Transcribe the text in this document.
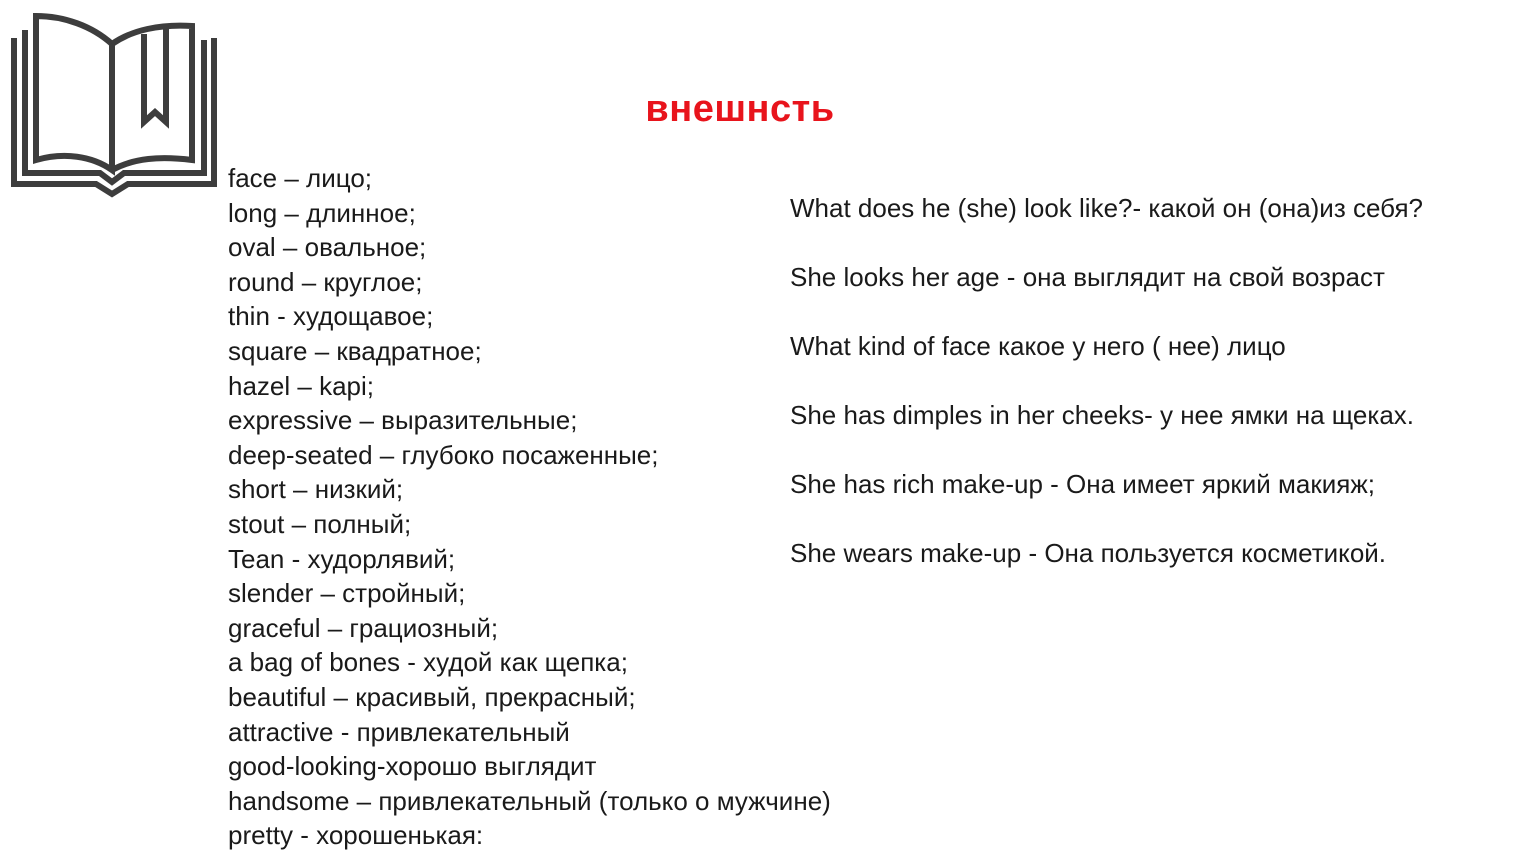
внешнсть
face – лицо;
long – длинное;
oval – овальное;
round – круглое;
thin - худощавое;
square – квадратное;
hazel – kapi;
expressive – выразительные;
deep-seated – глубоко посаженные;
short – низкий;
stout – полный;
Tean - худорлявий;
slender – стройный;
graceful – грациозный;
a bag of bones - худой как щепка;
beautiful – красивый, прекрасный;
attractive - привлекательный
good-looking-хорошо выглядит
handsome – привлекательный (только о мужчине)
pretty - хорошенькая:
What does he (she) look like?- какой он (она)из себя?
She looks her age - она выглядит на свой возраст
What kind of face какое у него ( нее) лицо
She has dimples in her cheeks- у нее ямки на щеках.
She has rich make-up - Она имеет яркий макияж;
She wears make-up - Она пользуется косметикой.
